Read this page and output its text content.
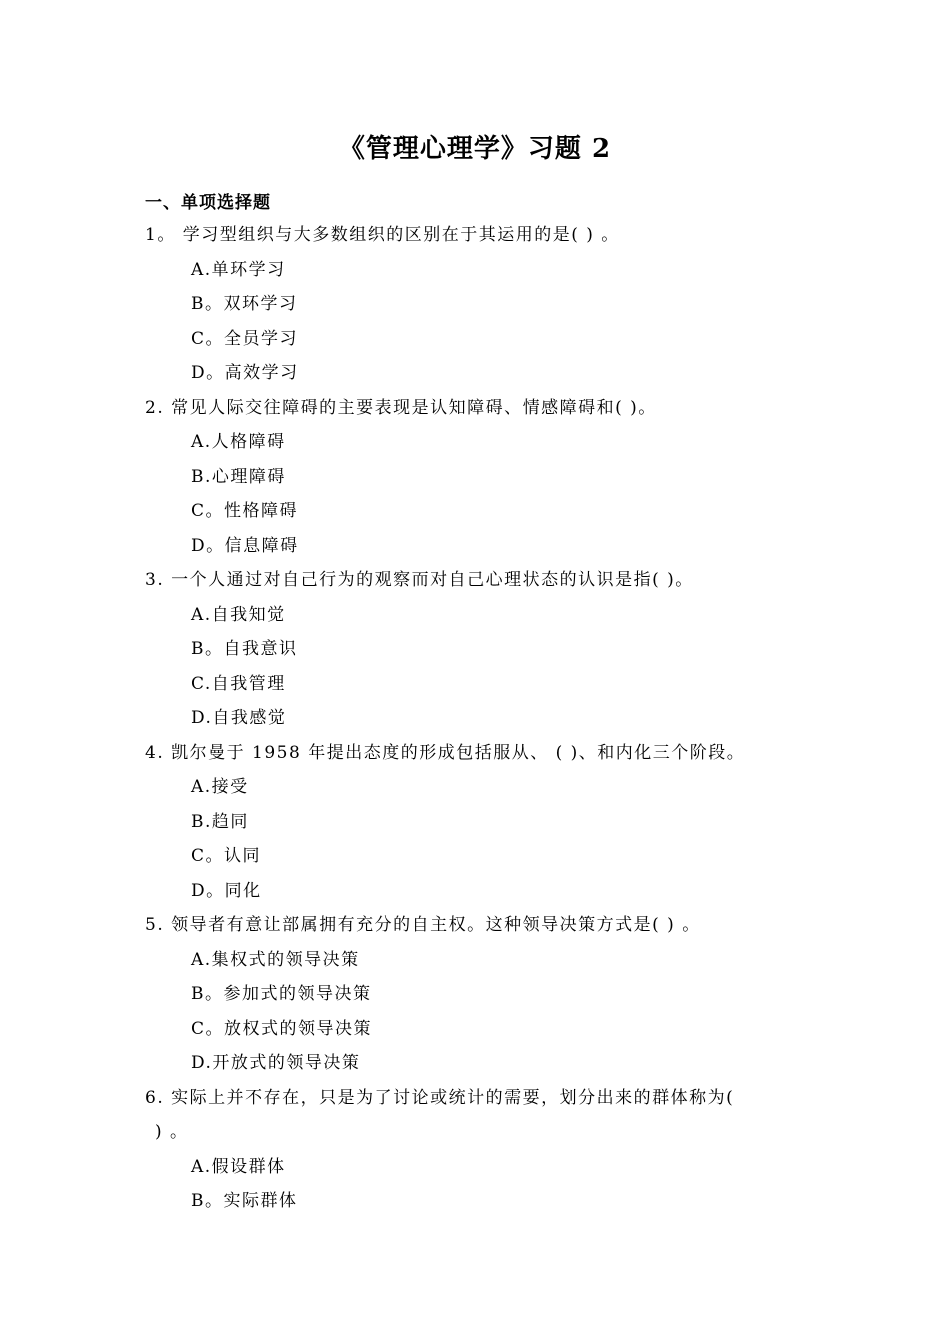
《管理心理学》习题 2
一、单项选择题
1。 学习型组织与大多数组织的区别在于其运用的是( ) 。
A.单环学习
B。双环学习
C。全员学习
D。高效学习
2. 常见人际交往障碍的主要表现是认知障碍、情感障碍和( )。
A.人格障碍
B.心理障碍
C。性格障碍
D。信息障碍
3. 一个人通过对自己行为的观察而对自己心理状态的认识是指( )。
A.自我知觉
B。自我意识
C.自我管理
D.自我感觉
4. 凯尔曼于 1958 年提出态度的形成包括服从、 ( )、和内化三个阶段。
A.接受
B.趋同
C。认同
D。同化
5. 领导者有意让部属拥有充分的自主权。这种领导决策方式是( ) 。
A.集权式的领导决策
B。参加式的领导决策
C。放权式的领导决策
D.开放式的领导决策
6. 实际上并不存在，只是为了讨论或统计的需要，划分出来的群体称为(
) 。
A.假设群体
B。实际群体
